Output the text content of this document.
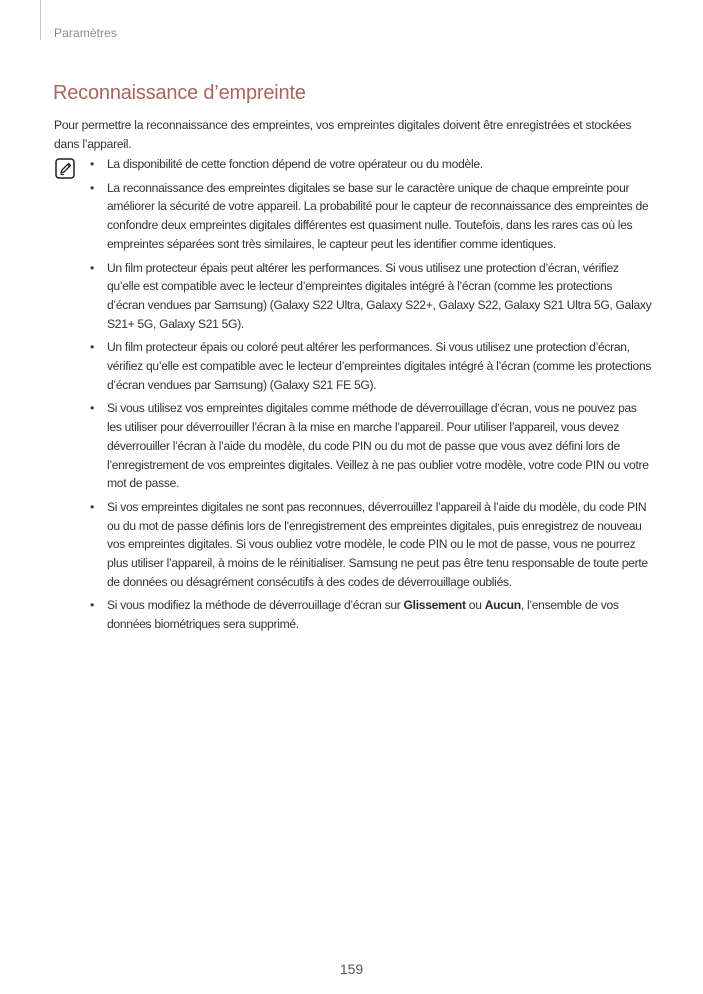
Paramètres
Reconnaissance d’empreinte

Pour permettre la reconnaissance des empreintes, vos empreintes digitales doivent être enregistrées et stockées dans l’appareil.

• La disponibilité de cette fonction dépend de votre opérateur ou du modèle.
• La reconnaissance des empreintes digitales se base sur le caractère unique de chaque empreinte pour améliorer la sécurité de votre appareil. La probabilité pour le capteur de reconnaissance des empreintes de confondre deux empreintes digitales différentes est quasiment nulle. Toutefois, dans les rares cas où les empreintes séparées sont très similaires, le capteur peut les identifier comme identiques.
• Un film protecteur épais peut altérer les performances. Si vous utilisez une protection d’écran, vérifiez qu’elle est compatible avec le lecteur d’empreintes digitales intégré à l’écran (comme les protections d’écran vendues par Samsung) (Galaxy S22 Ultra, Galaxy S22+, Galaxy S22, Galaxy S21 Ultra 5G, Galaxy S21+ 5G, Galaxy S21 5G).
• Un film protecteur épais ou coloré peut altérer les performances. Si vous utilisez une protection d’écran, vérifiez qu’elle est compatible avec le lecteur d’empreintes digitales intégré à l’écran (comme les protections d’écran vendues par Samsung) (Galaxy S21 FE 5G).
• Si vous utilisez vos empreintes digitales comme méthode de déverrouillage d’écran, vous ne pouvez pas les utiliser pour déverrouiller l’écran à la mise en marche l’appareil. Pour utiliser l’appareil, vous devez déverrouiller l’écran à l’aide du modèle, du code PIN ou du mot de passe que vous avez défini lors de l’enregistrement de vos empreintes digitales. Veillez à ne pas oublier votre modèle, votre code PIN ou votre mot de passe.
• Si vos empreintes digitales ne sont pas reconnues, déverrouillez l’appareil à l’aide du modèle, du code PIN ou du mot de passe définis lors de l’enregistrement des empreintes digitales, puis enregistrez de nouveau vos empreintes digitales. Si vous oubliez votre modèle, le code PIN ou le mot de passe, vous ne pourrez plus utiliser l’appareil, à moins de le réinitialiser. Samsung ne peut pas être tenu responsable de toute perte de données ou désagrément consécutifs à des codes de déverrouillage oubliés.
• Si vous modifiez la méthode de déverrouillage d’écran sur Glissement ou Aucun, l’ensemble de vos données biométriques sera supprimé.
159
